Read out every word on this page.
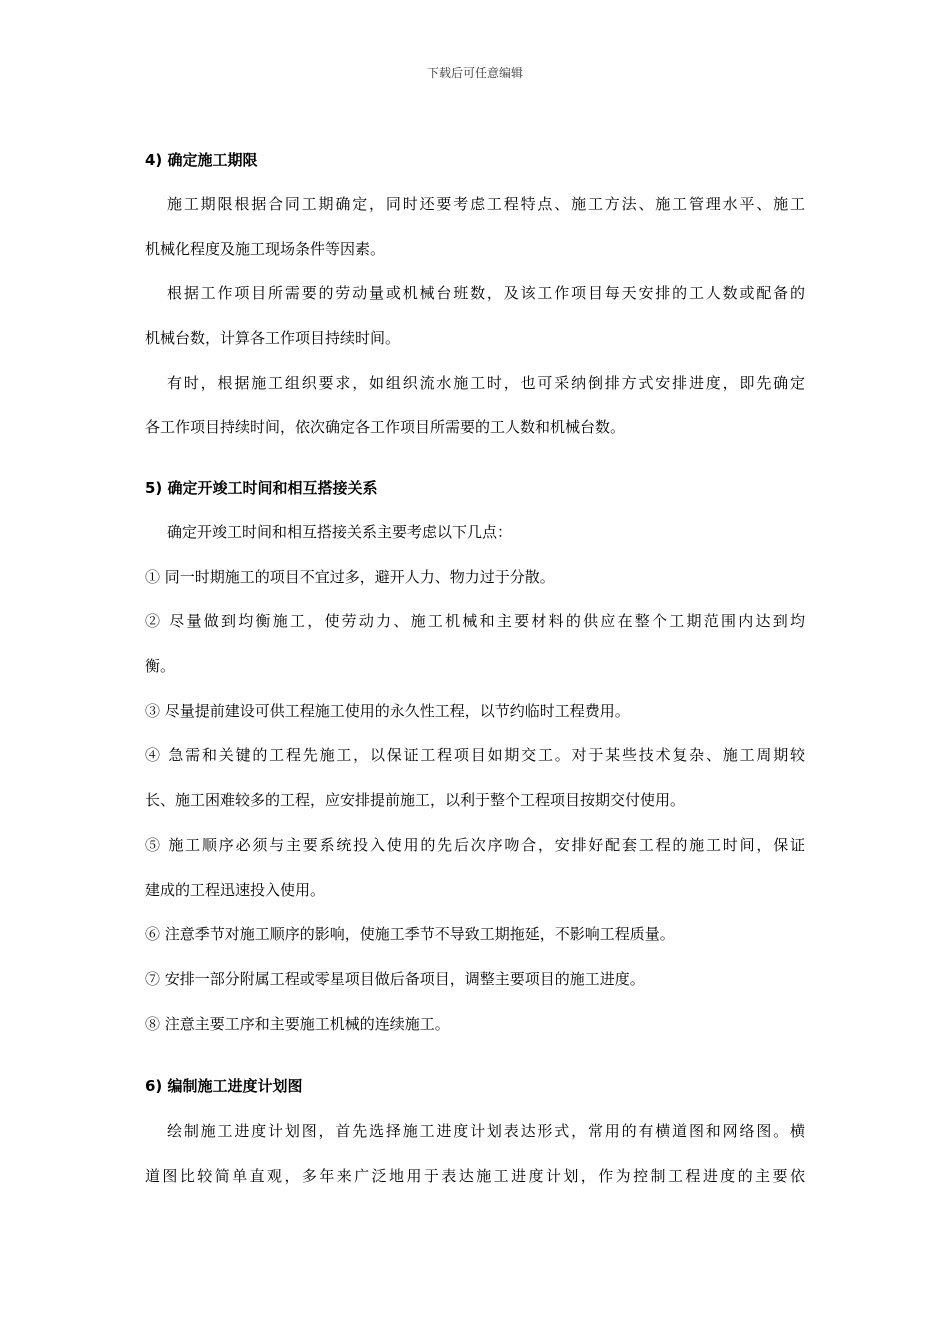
下载后可任意编辑
4) 确定施工期限
施工期限根据合同工期确定，同时还要考虑工程特点、施工方法、施工管理水平、施工
机械化程度及施工现场条件等因素。
根据工作项目所需要的劳动量或机械台班数，及该工作项目每天安排的工人数或配备的
机械台数，计算各工作项目持续时间。
有时，根据施工组织要求，如组织流水施工时，也可采纳倒排方式安排进度，即先确定
各工作项目持续时间，依次确定各工作项目所需要的工人数和机械台数。
5) 确定开竣工时间和相互搭接关系
确定开竣工时间和相互搭接关系主要考虑以下几点：
① 同一时期施工的项目不宜过多，避开人力、物力过于分散。
② 尽量做到均衡施工，使劳动力、施工机械和主要材料的供应在整个工期范围内达到均
衡。
③ 尽量提前建设可供工程施工使用的永久性工程，以节约临时工程费用。
④ 急需和关键的工程先施工，以保证工程项目如期交工。对于某些技术复杂、施工周期较
长、施工困难较多的工程，应安排提前施工，以利于整个工程项目按期交付使用。
⑤ 施工顺序必须与主要系统投入使用的先后次序吻合，安排好配套工程的施工时间，保证
建成的工程迅速投入使用。
⑥ 注意季节对施工顺序的影响，使施工季节不导致工期拖延，不影响工程质量。
⑦ 安排一部分附属工程或零星项目做后备项目，调整主要项目的施工进度。
⑧ 注意主要工序和主要施工机械的连续施工。
6) 编制施工进度计划图
绘制施工进度计划图，首先选择施工进度计划表达形式，常用的有横道图和网络图。横
道图比较简单直观，多年来广泛地用于表达施工进度计划，作为控制工程进度的主要依
